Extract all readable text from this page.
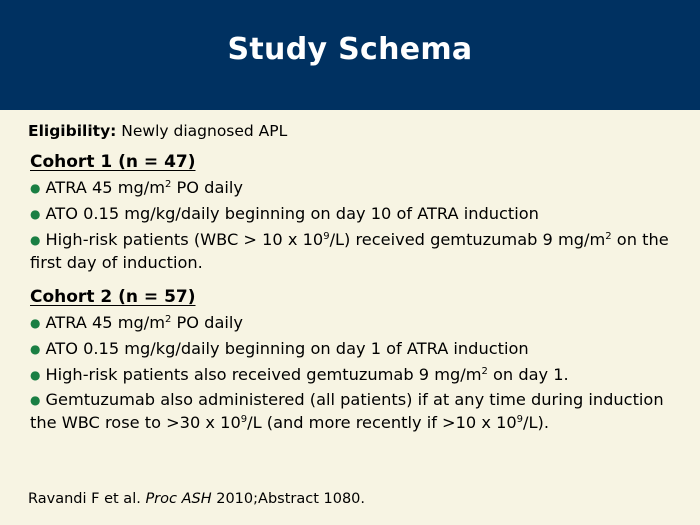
Study Schema
Eligibility: Newly diagnosed APL
Cohort 1 (n = 47)
● ATRA 45 $mg/m^2$ PO daily
● ATO 0.15 mg/kg/daily beginning on day 10 of ATRA induction
● High-risk patients (WBC > 10 x $10^9/L$) received gemtuzumab 9 $mg/m^2$ on the first day of induction.
Cohort 2 (n = 57)
● ATRA 45 $mg/m^2$ PO daily
● ATO 0.15 mg/kg/daily beginning on day 1 of ATRA induction
● High-risk patients also received gemtuzumab 9 $mg/m^2$ on day 1.
● Gemtuzumab also administered (all patients) if at any time during induction the WBC rose to >30 x $10^9/L$ (and more recently if >10 x $10^9/L$).
Ravandi F et al. Proc ASH 2010;Abstract 1080.
